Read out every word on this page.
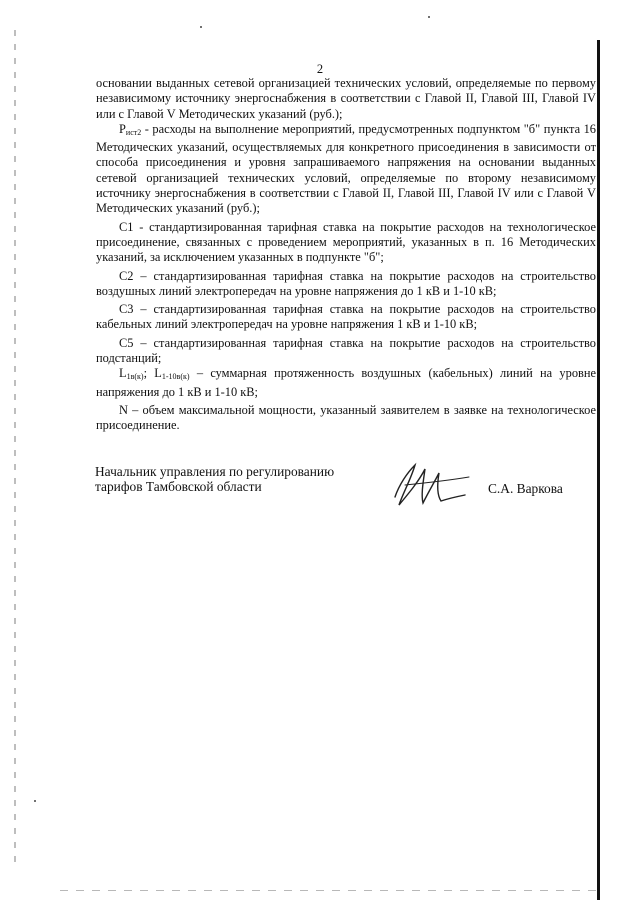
2

основании выданных сетевой организацией технических условий, определяемые по первому независимому источнику энергоснабжения в соответствии с Главой II, Главой III, Главой IV или с Главой V Методических указаний (руб.);

$P_{ист2}$ - расходы на выполнение мероприятий, предусмотренных подпунктом "б" пункта 16 Методических указаний, осуществляемых для конкретного присоединения в зависимости от способа присоединения и уровня запрашиваемого напряжения на основании выданных сетевой организацией технических условий, определяемые по второму независимому источнику энергоснабжения в соответствии с Главой II, Главой III, Главой IV или с Главой V Методических указаний (руб.);

С1 - стандартизированная тарифная ставка на покрытие расходов на технологическое присоединение, связанных с проведением мероприятий, указанных в п. 16 Методических указаний, за исключением указанных в подпункте "б";

С2 – стандартизированная тарифная ставка на покрытие расходов на строительство воздушных линий электропередач на уровне напряжения до 1 кВ и 1-10 кВ;

С3 – стандартизированная тарифная ставка на покрытие расходов на строительство кабельных линий электропередач на уровне напряжения 1 кВ и 1-10 кВ;

С5 – стандартизированная тарифная ставка на покрытие расходов на строительство подстанций;

$L_{1в(к)}$; $L_{1-10в(к)}$ – суммарная протяженность воздушных (кабельных) линий на уровне напряжения до 1 кВ и 1-10 кВ;

N – объем максимальной мощности, указанный заявителем в заявке на технологическое присоединение.

Начальник управления по регулированию
тарифов Тамбовской области	С.А. Варкова
